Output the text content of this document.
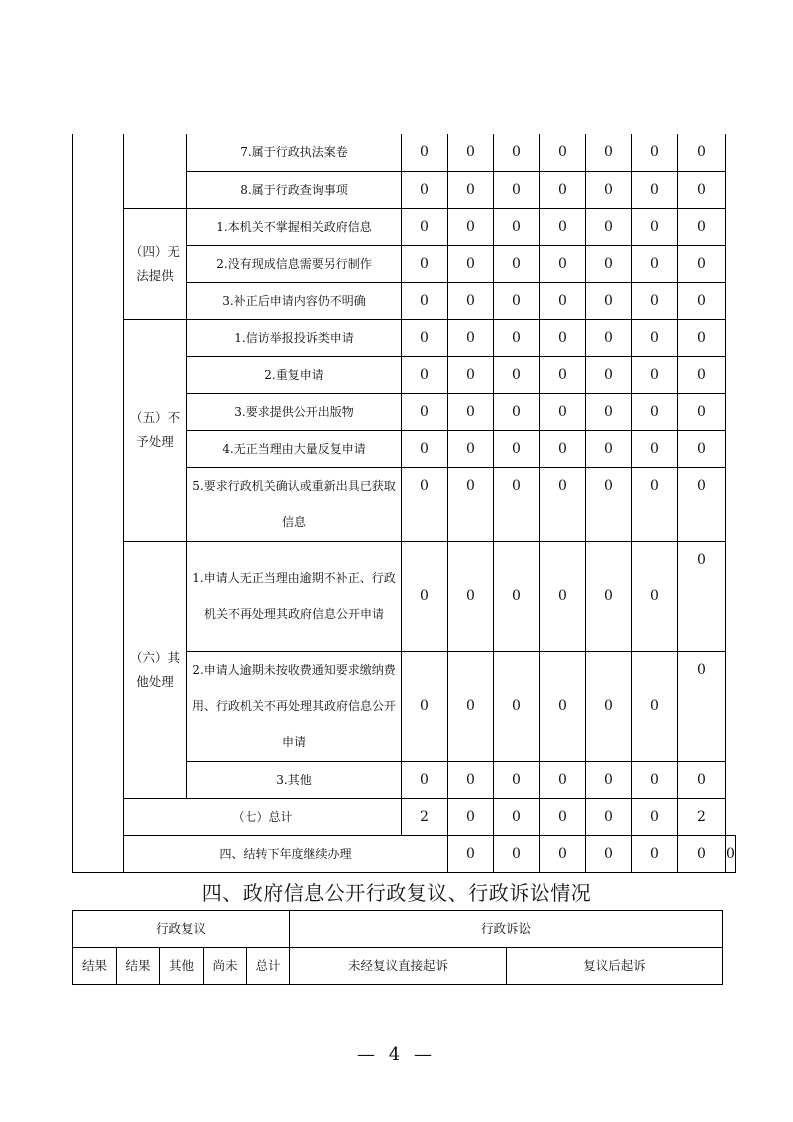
		7.属于行政执法案卷	0	0	0	0	0	0	0	
		8.属于行政查询事项	0	0	0	0	0	0	0	
	（四）无法提供	1.本机关不掌握相关政府信息	0	0	0	0	0	0	0	
		2.没有现成信息需要另行制作	0	0	0	0	0	0	0	
		3.补正后申请内容仍不明确	0	0	0	0	0	0	0	
	（五）不予处理	1.信访举报投诉类申请	0	0	0	0	0	0	0	
		2.重复申请	0	0	0	0	0	0	0	
		3.要求提供公开出版物	0	0	0	0	0	0	0	
		4.无正当理由大量反复申请	0	0	0	0	0	0	0	
		5.要求行政机关确认或重新出具已获取信息	0	0	0	0	0	0	0	
	（六）其他处理	1.申请人无正当理由逾期不补正、行政机关不再处理其政府信息公开申请	0	0	0	0	0	0	0	
		2.申请人逾期未按收费通知要求缴纳费用、行政机关不再处理其政府信息公开申请	0	0	0	0	0	0	0	
		3.其他	0	0	0	0	0	0	0	
	（七）总计		2	0	0	0	0	0	2	
	四、结转下年度继续办理			0	0	0	0	0	0	0
四、政府信息公开行政复议、行政诉讼情况
行政复议					行政诉讼	
结果	结果	其他	尚未	总计	未经复议直接起诉	复议后起诉
— 4 —
